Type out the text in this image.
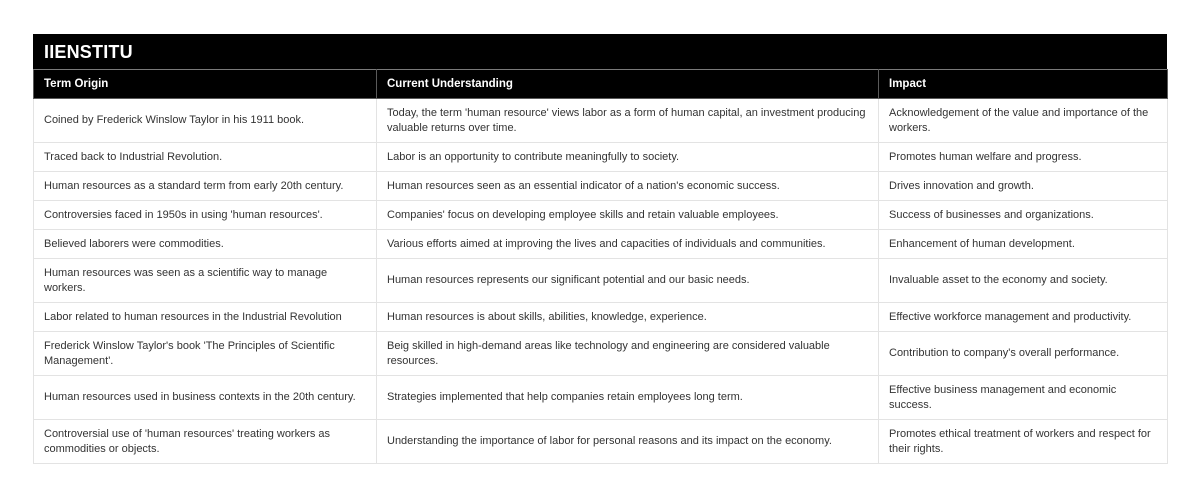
IIENSTITU
Term Origin	Current Understanding	Impact
Coined by Frederick Winslow Taylor in his 1911 book.	Today, the term 'human resource' views labor as a form of human capital, an investment producing valuable returns over time.	Acknowledgement of the value and importance of the workers.
Traced back to Industrial Revolution.	Labor is an opportunity to contribute meaningfully to society.	Promotes human welfare and progress.
Human resources as a standard term from early 20th century.	Human resources seen as an essential indicator of a nation's economic success.	Drives innovation and growth.
Controversies faced in 1950s in using 'human resources'.	Companies' focus on developing employee skills and retain valuable employees.	Success of businesses and organizations.
Believed laborers were commodities.	Various efforts aimed at improving the lives and capacities of individuals and communities.	Enhancement of human development.
Human resources was seen as a scientific way to manage workers.	Human resources represents our significant potential and our basic needs.	Invaluable asset to the economy and society.
Labor related to human resources in the Industrial Revolution	Human resources is about skills, abilities, knowledge, experience.	Effective workforce management and productivity.
Frederick Winslow Taylor's book 'The Principles of Scientific Management'.	Beig skilled in high-demand areas like technology and engineering are considered valuable resources.	Contribution to company's overall performance.
Human resources used in business contexts in the 20th century.	Strategies implemented that help companies retain employees long term.	Effective business management and economic success.
Controversial use of 'human resources' treating workers as commodities or objects.	Understanding the importance of labor for personal reasons and its impact on the economy.	Promotes ethical treatment of workers and respect for their rights.
